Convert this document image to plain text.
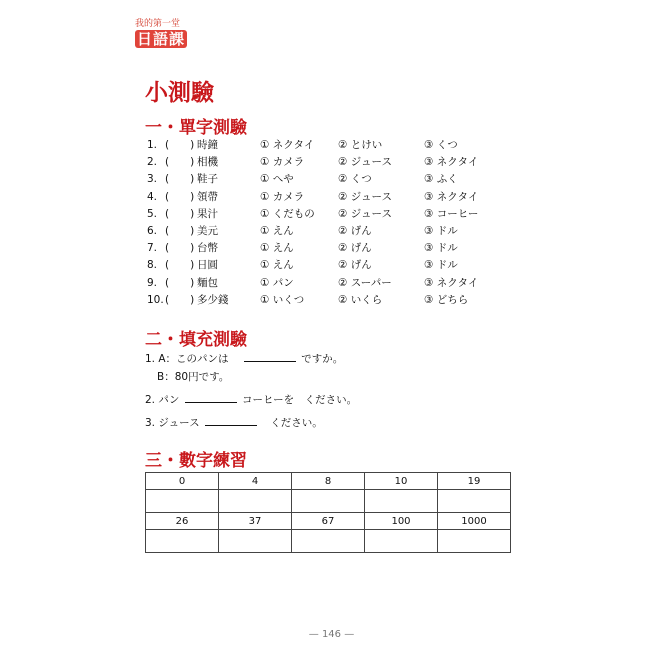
我的第一堂
日語課
小測驗
一・單字測驗
1. (　　) 時鐘	① ネクタイ ② とけい	③ くつ
2. (　　) 相機	① カメラ	② ジュース	③ ネクタイ
3. (　　) 鞋子	① へや	② くつ	③ ふく
4. (　　) 領帶	① カメラ	② ジュース	③ ネクタイ
5. (　　) 果汁	① くだもの ② ジュース	③ コーヒー
6. (　　) 美元	① えん	② げん	③ ドル
7. (　　) 台幣	① えん	② げん	③ ドル
8. (　　) 日圓	① えん	② げん	③ ドル
9. (　　) 麵包	① パン	② スーパー	③ ネクタイ
10. (　　) 多少錢	① いくつ	② いくら	③ どちら
二・填充測驗
1. A：このパンは	ですか。
B：80円です。
2. パン	コーヒーを　ください。
3. ジュース	ください。
三・數字練習
0	4	8	10	19

26	37	67	100	1000

— 146 —
